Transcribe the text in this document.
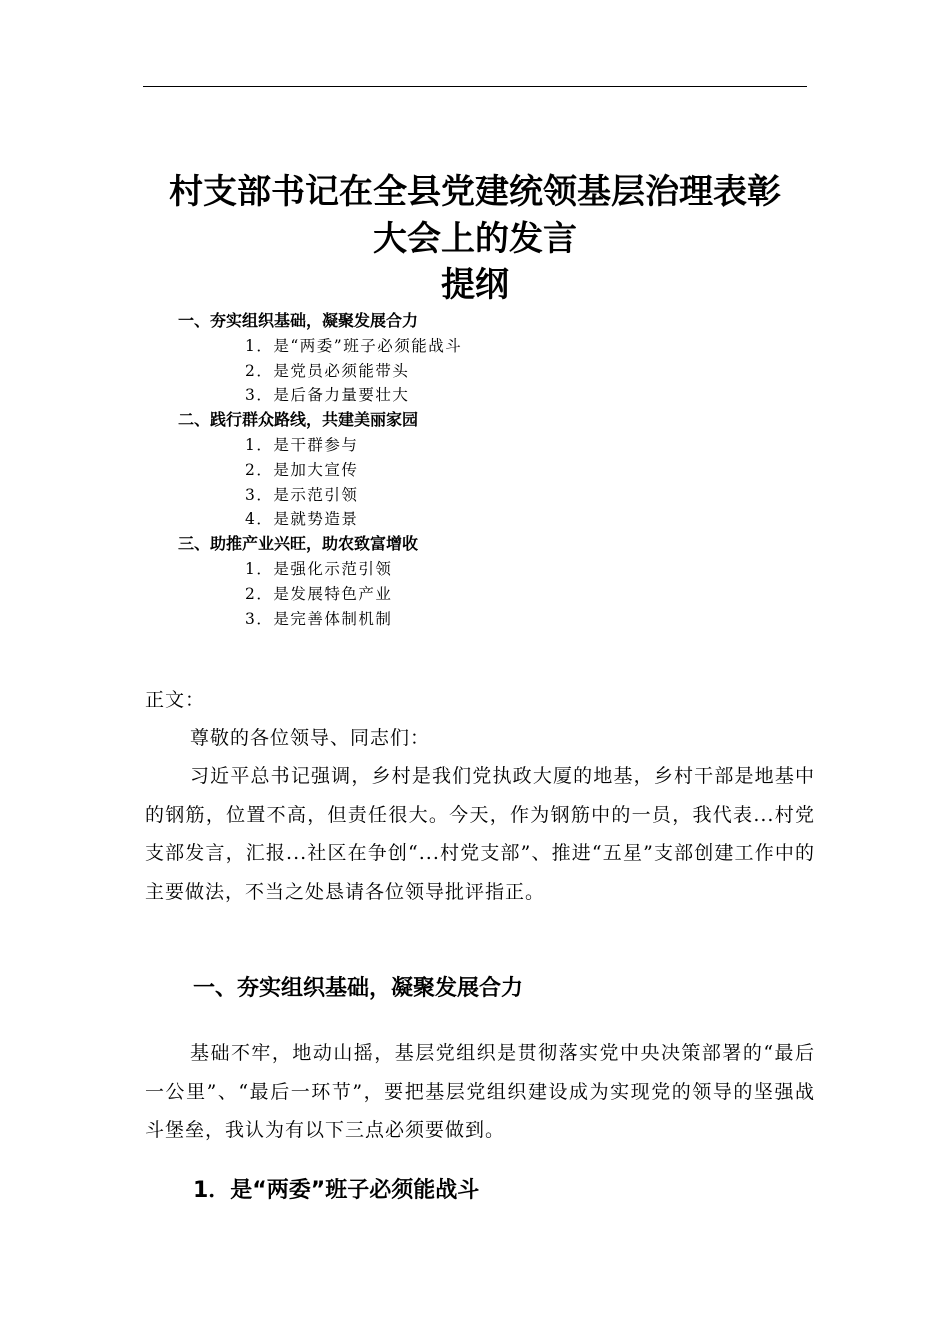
村支部书记在全县党建统领基层治理表彰
大会上的发言
提纲

一、夯实组织基础，凝聚发展合力

1．是“两委”班子必须能战斗

2．是党员必须能带头

3．是后备力量要壮大

二、践行群众路线，共建美丽家园

1．是干群参与

2．是加大宣传

3．是示范引领

4．是就势造景

三、助推产业兴旺，助农致富增收

1．是强化示范引领

2．是发展特色产业

3．是完善体制机制

正文：

尊敬的各位领导、同志们：

习近平总书记强调，乡村是我们党执政大厦的地基，乡村干部是地基中的钢筋，位置不高，但责任很大。今天，作为钢筋中的一员，我代表...村党支部发言，汇报...社区在争创“...村党支部”、推进“五星”支部创建工作中的主要做法，不当之处恳请各位领导批评指正。

一、夯实组织基础，凝聚发展合力

基础不牢，地动山摇，基层党组织是贯彻落实党中央决策部署的“最后一公里”、“最后一环节”，要把基层党组织建设成为实现党的领导的坚强战斗堡垒，我认为有以下三点必须要做到。

1．是“两委”班子必须能战斗
